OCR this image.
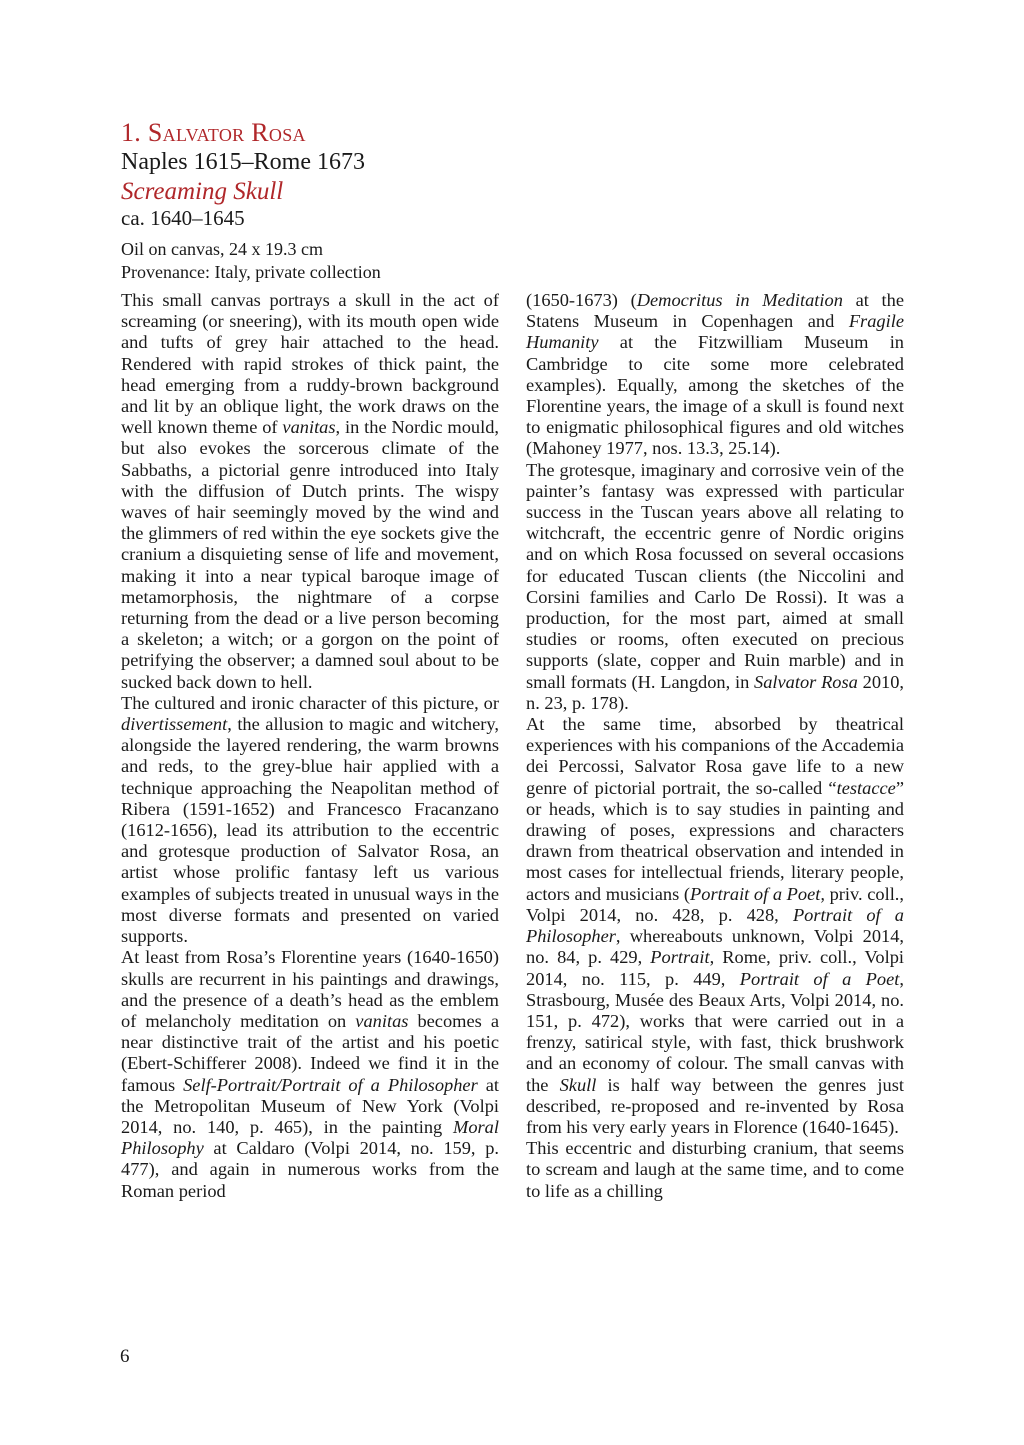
1. Salvator Rosa
Naples 1615–Rome 1673
Screaming Skull
ca. 1640–1645
Oil on canvas, 24 x 19.3 cm
Provenance: Italy, private collection

This small canvas portrays a skull in the act of screaming (or sneering), with its mouth open wide and tufts of grey hair attached to the head. Rendered with rapid strokes of thick paint, the head emerging from a ruddy-brown background and lit by an oblique light, the work draws on the well known theme of vanitas, in the Nordic mould, but also evokes the sorcerous climate of the Sabbaths, a pictorial genre introduced into Italy with the diffusion of Dutch prints. The wispy waves of hair seemingly moved by the wind and the glimmers of red within the eye sockets give the cranium a disquieting sense of life and movement, making it into a near typical baroque image of metamorphosis, the nightmare of a corpse returning from the dead or a live person becoming a skeleton; a witch; or a gorgon on the point of petrifying the observer; a damned soul about to be sucked back down to hell.

The cultured and ironic character of this picture, or divertissement, the allusion to magic and witchery, alongside the layered rendering, the warm browns and reds, to the grey-blue hair applied with a technique approaching the Neapolitan method of Ribera (1591-1652) and Francesco Fracanzano (1612-1656), lead its attribution to the eccentric and grotesque production of Salvator Rosa, an artist whose prolific fantasy left us various examples of subjects treated in unusual ways in the most diverse formats and presented on varied supports.

At least from Rosa’s Florentine years (1640-1650) skulls are recurrent in his paintings and drawings, and the presence of a death’s head as the emblem of melancholy meditation on vanitas becomes a near distinctive trait of the artist and his poetic (Ebert-Schifferer 2008). Indeed we find it in the famous Self-Portrait/Portrait of a Philosopher at the Metropolitan Museum of New York (Volpi 2014, no. 140, p. 465), in the painting Moral Philosophy at Caldaro (Volpi 2014, no. 159, p. 477), and again in numerous works from the Roman period

(1650-1673) (Democritus in Meditation at the Statens Museum in Copenhagen and Fragile Humanity at the Fitzwilliam Museum in Cambridge to cite some more celebrated examples). Equally, among the sketches of the Florentine years, the image of a skull is found next to enigmatic philosophical figures and old witches (Mahoney 1977, nos. 13.3, 25.14).

The grotesque, imaginary and corrosive vein of the painter’s fantasy was expressed with particular success in the Tuscan years above all relating to witchcraft, the eccentric genre of Nordic origins and on which Rosa focussed on several occasions for educated Tuscan clients (the Niccolini and Corsini families and Carlo De Rossi). It was a production, for the most part, aimed at small studies or rooms, often executed on precious supports (slate, copper and Ruin marble) and in small formats (H. Langdon, in Salvator Rosa 2010, n. 23, p. 178).

At the same time, absorbed by theatrical experiences with his companions of the Accademia dei Percossi, Salvator Rosa gave life to a new genre of pictorial portrait, the so-called “testacce” or heads, which is to say studies in painting and drawing of poses, expressions and characters drawn from theatrical observation and intended in most cases for intellectual friends, literary people, actors and musicians (Portrait of a Poet, priv. coll., Volpi 2014, no. 428, p. 428, Portrait of a Philosopher, whereabouts unknown, Volpi 2014, no. 84, p. 429, Portrait, Rome, priv. coll., Volpi 2014, no. 115, p. 449, Portrait of a Poet, Strasbourg, Musée des Beaux Arts, Volpi 2014, no. 151, p. 472), works that were carried out in a frenzy, satirical style, with fast, thick brushwork and an economy of colour. The small canvas with the Skull is half way between the genres just described, re-proposed and re-invented by Rosa from his very early years in Florence (1640-1645).

This eccentric and disturbing cranium, that seems to scream and laugh at the same time, and to come to life as a chilling

6
